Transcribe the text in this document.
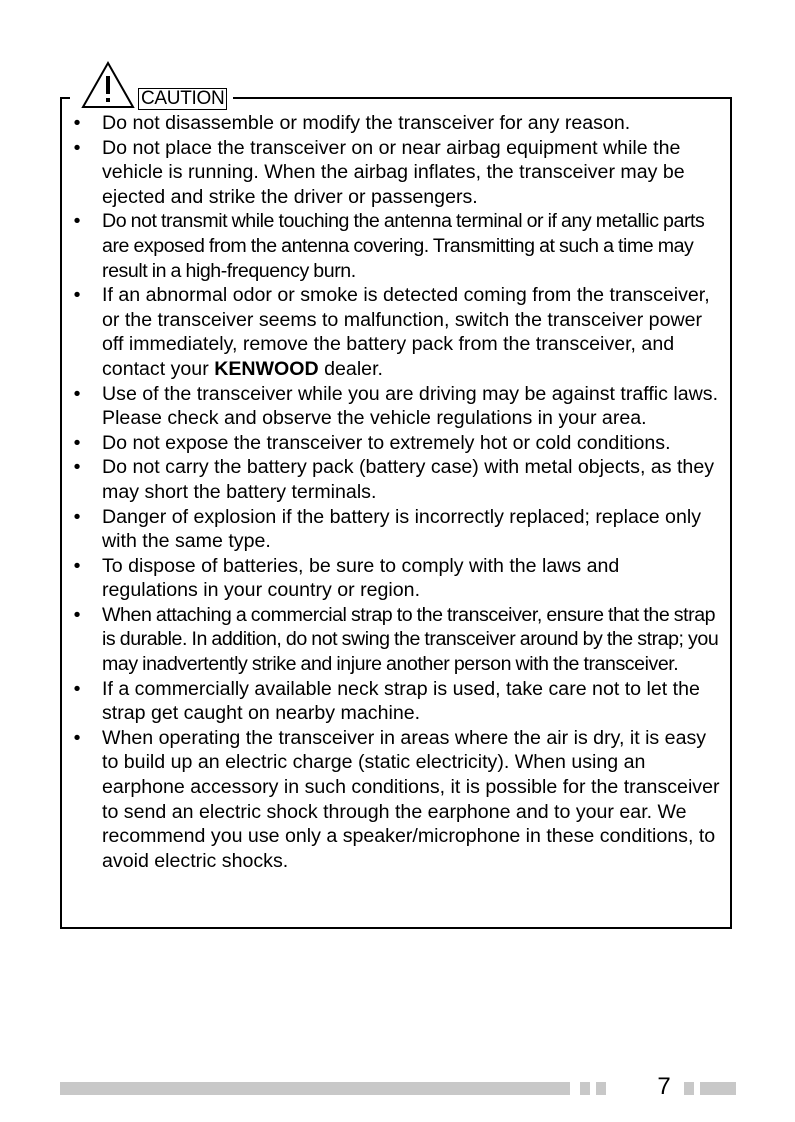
CAUTION
• Do not disassemble or modify the transceiver for any reason.
• Do not place the transceiver on or near airbag equipment while the vehicle is running. When the airbag inflates, the transceiver may be ejected and strike the driver or passengers.
• Do not transmit while touching the antenna terminal or if any metallic parts are exposed from the antenna covering. Transmitting at such a time may result in a high-frequency burn.
• If an abnormal odor or smoke is detected coming from the transceiver, or the transceiver seems to malfunction, switch the transceiver power off immediately, remove the battery pack from the transceiver, and contact your KENWOOD dealer.
• Use of the transceiver while you are driving may be against traffic laws. Please check and observe the vehicle regulations in your area.
• Do not expose the transceiver to extremely hot or cold conditions.
• Do not carry the battery pack (battery case) with metal objects, as they may short the battery terminals.
• Danger of explosion if the battery is incorrectly replaced; replace only with the same type.
• To dispose of batteries, be sure to comply with the laws and regulations in your country or region.
• When attaching a commercial strap to the transceiver, ensure that the strap is durable. In addition, do not swing the transceiver around by the strap; you may inadvertently strike and injure another person with the transceiver.
• If a commercially available neck strap is used, take care not to let the strap get caught on nearby machine.
• When operating the transceiver in areas where the air is dry, it is easy to build up an electric charge (static electricity). When using an earphone accessory in such conditions, it is possible for the transceiver to send an electric shock through the earphone and to your ear. We recommend you use only a speaker/microphone in these conditions, to avoid electric shocks.
7
